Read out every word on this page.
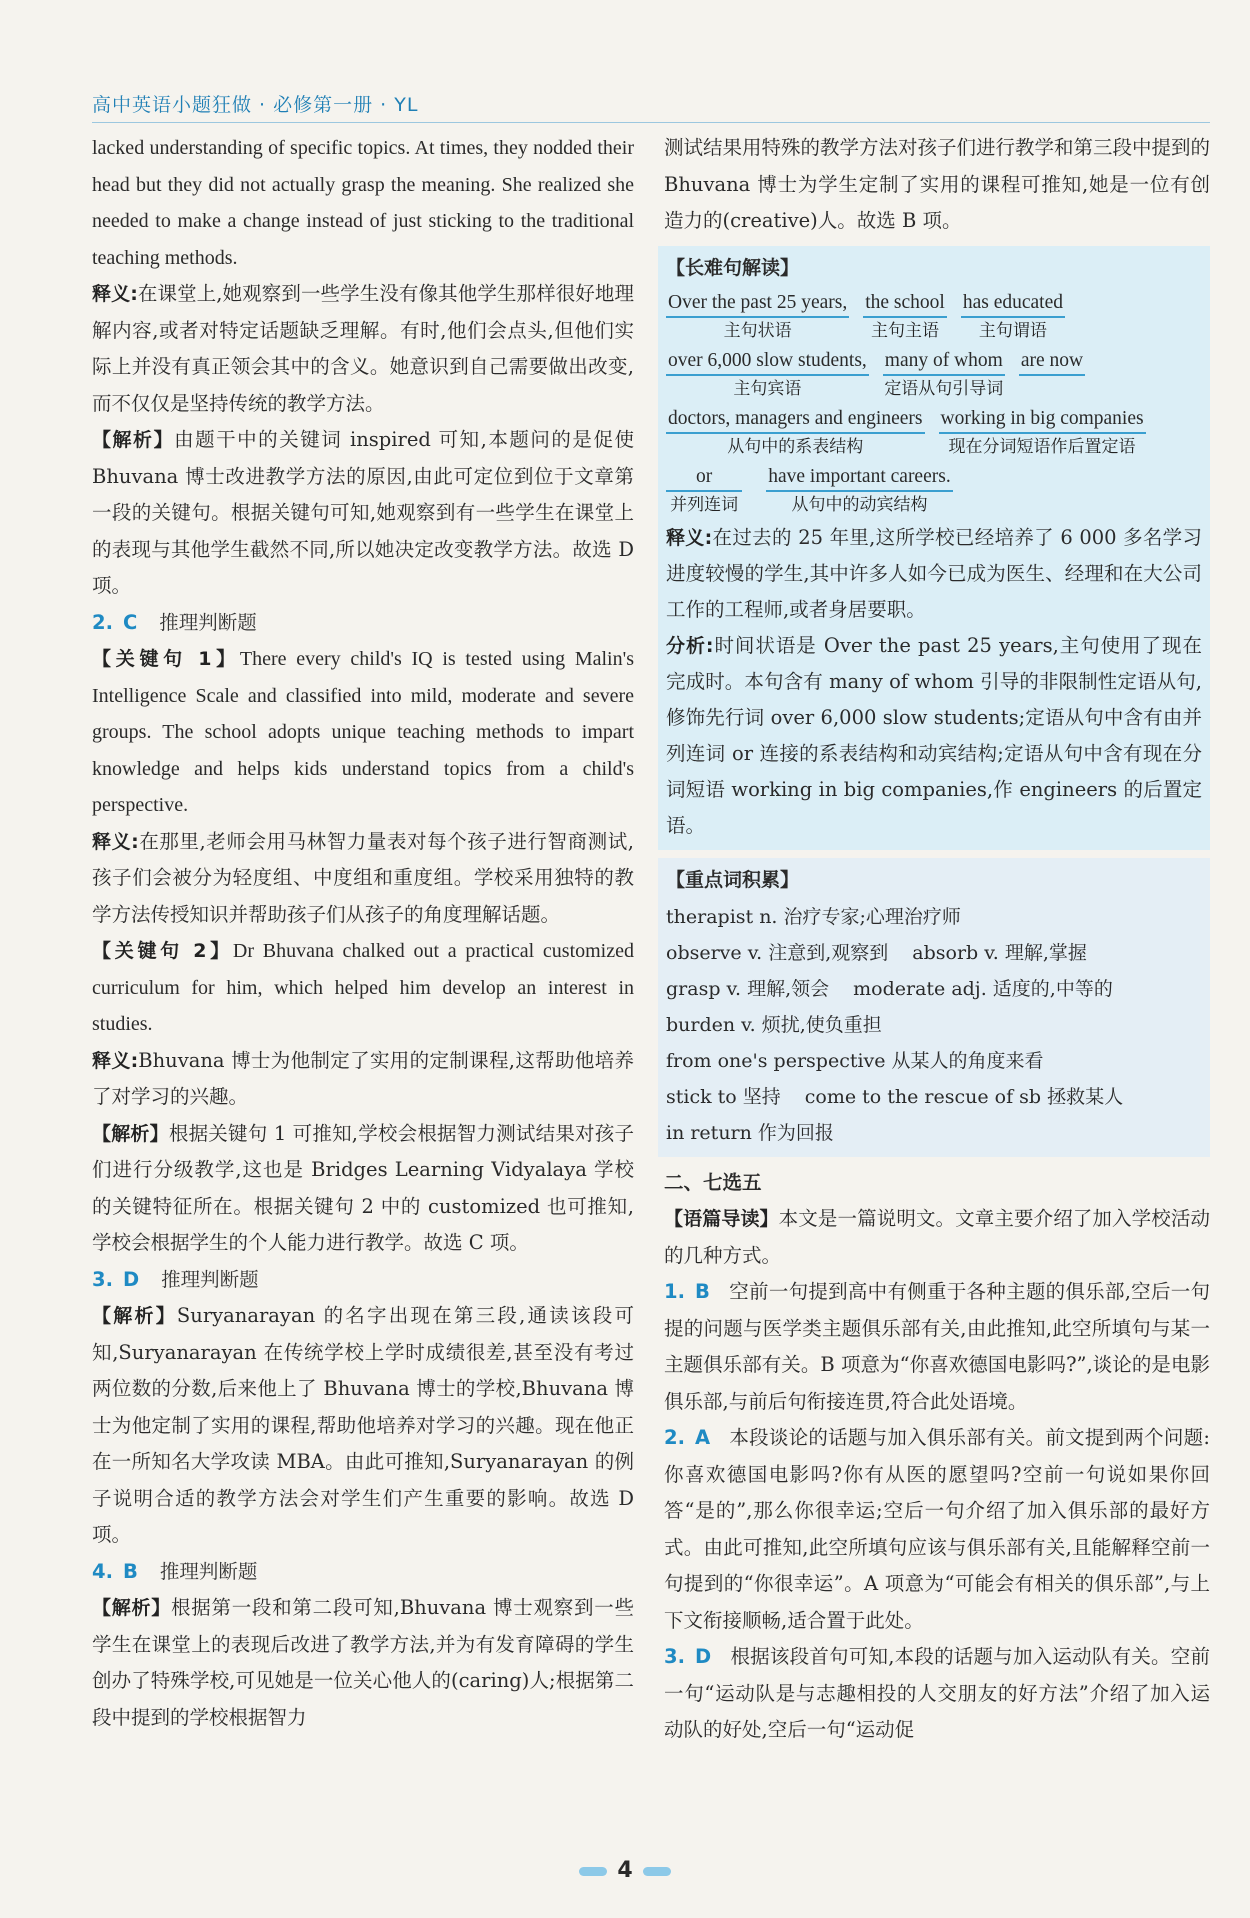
高中英语小题狂做 · 必修第一册 · YL

lacked understanding of specific topics. At times, they nodded their head but they did not actually grasp the meaning. She realized she needed to make a change instead of just sticking to the traditional teaching methods.

释义:在课堂上,她观察到一些学生没有像其他学生那样很好地理解内容,或者对特定话题缺乏理解。有时,他们会点头,但他们实际上并没有真正领会其中的含义。她意识到自己需要做出改变,而不仅仅是坚持传统的教学方法。

【解析】由题干中的关键词 inspired 可知,本题问的是促使 Bhuvana 博士改进教学方法的原因,由此可定位到位于文章第一段的关键句。根据关键句可知,她观察到有一些学生在课堂上的表现与其他学生截然不同,所以她决定改变教学方法。故选 D 项。

2. C 推理判断题

【关键句 1】There every child's IQ is tested using Malin's Intelligence Scale and classified into mild, moderate and severe groups. The school adopts unique teaching methods to impart knowledge and helps kids understand topics from a child's perspective.

释义:在那里,老师会用马林智力量表对每个孩子进行智商测试,孩子们会被分为轻度组、中度组和重度组。学校采用独特的教学方法传授知识并帮助孩子们从孩子的角度理解话题。

【关键句 2】Dr Bhuvana chalked out a practical customized curriculum for him, which helped him develop an interest in studies.

释义:Bhuvana 博士为他制定了实用的定制课程,这帮助他培养了对学习的兴趣。

【解析】根据关键句 1 可推知,学校会根据智力测试结果对孩子们进行分级教学,这也是 Bridges Learning Vidyalaya 学校的关键特征所在。根据关键句 2 中的 customized 也可推知,学校会根据学生的个人能力进行教学。故选 C 项。

3. D 推理判断题

【解析】Suryanarayan 的名字出现在第三段,通读该段可知,Suryanarayan 在传统学校上学时成绩很差,甚至没有考过两位数的分数,后来他上了 Bhuvana 博士的学校,Bhuvana 博士为他定制了实用的课程,帮助他培养对学习的兴趣。现在他正在一所知名大学攻读 MBA。由此可推知,Suryanarayan 的例子说明合适的教学方法会对学生们产生重要的影响。故选 D 项。

4. B 推理判断题

【解析】根据第一段和第二段可知,Bhuvana 博士观察到一些学生在课堂上的表现后改进了教学方法,并为有发育障碍的学生创办了特殊学校,可见她是一位关心他人的(caring)人;根据第二段中提到的学校根据智力

测试结果用特殊的教学方法对孩子们进行教学和第三段中提到的 Bhuvana 博士为学生定制了实用的课程可推知,她是一位有创造力的(creative)人。故选 B 项。

【长难句解读】
Over the past 25 years,
主句状语
the school
主句主语
has educated
主句谓语
over 6,000 slow students,
主句宾语
many of whom
定语从句引导词
are now

doctors, managers and engineers
从句中的系表结构
working in big companies
现在分词短语作后置定语
or
并列连词
have important careers.
从句中的动宾结构

释义:在过去的 25 年里,这所学校已经培养了 6 000 多名学习进度较慢的学生,其中许多人如今已成为医生、经理和在大公司工作的工程师,或者身居要职。

分析:时间状语是 Over the past 25 years,主句使用了现在完成时。本句含有 many of whom 引导的非限制性定语从句,修饰先行词 over 6,000 slow students;定语从句中含有由并列连词 or 连接的系表结构和动宾结构;定语从句中含有现在分词短语 working in big companies,作 engineers 的后置定语。

【重点词积累】
therapist n. 治疗专家;心理治疗师
observe v. 注意到,观察到 absorb v. 理解,掌握
grasp v. 理解,领会 moderate adj. 适度的,中等的
burden v. 烦扰,使负重担
from one's perspective 从某人的角度来看
stick to 坚持 come to the rescue of sb 拯救某人
in return 作为回报

二、七选五

【语篇导读】本文是一篇说明文。文章主要介绍了加入学校活动的几种方式。

1. B 空前一句提到高中有侧重于各种主题的俱乐部,空后一句提的问题与医学类主题俱乐部有关,由此推知,此空所填句与某一主题俱乐部有关。B 项意为“你喜欢德国电影吗?”,谈论的是电影俱乐部,与前后句衔接连贯,符合此处语境。

2. A 本段谈论的话题与加入俱乐部有关。前文提到两个问题:你喜欢德国电影吗?你有从医的愿望吗?空前一句说如果你回答“是的”,那么你很幸运;空后一句介绍了加入俱乐部的最好方式。由此可推知,此空所填句应该与俱乐部有关,且能解释空前一句提到的“你很幸运”。A 项意为“可能会有相关的俱乐部”,与上下文衔接顺畅,适合置于此处。

3. D 根据该段首句可知,本段的话题与加入运动队有关。空前一句“运动队是与志趣相投的人交朋友的好方法”介绍了加入运动队的好处,空后一句“运动促

4
